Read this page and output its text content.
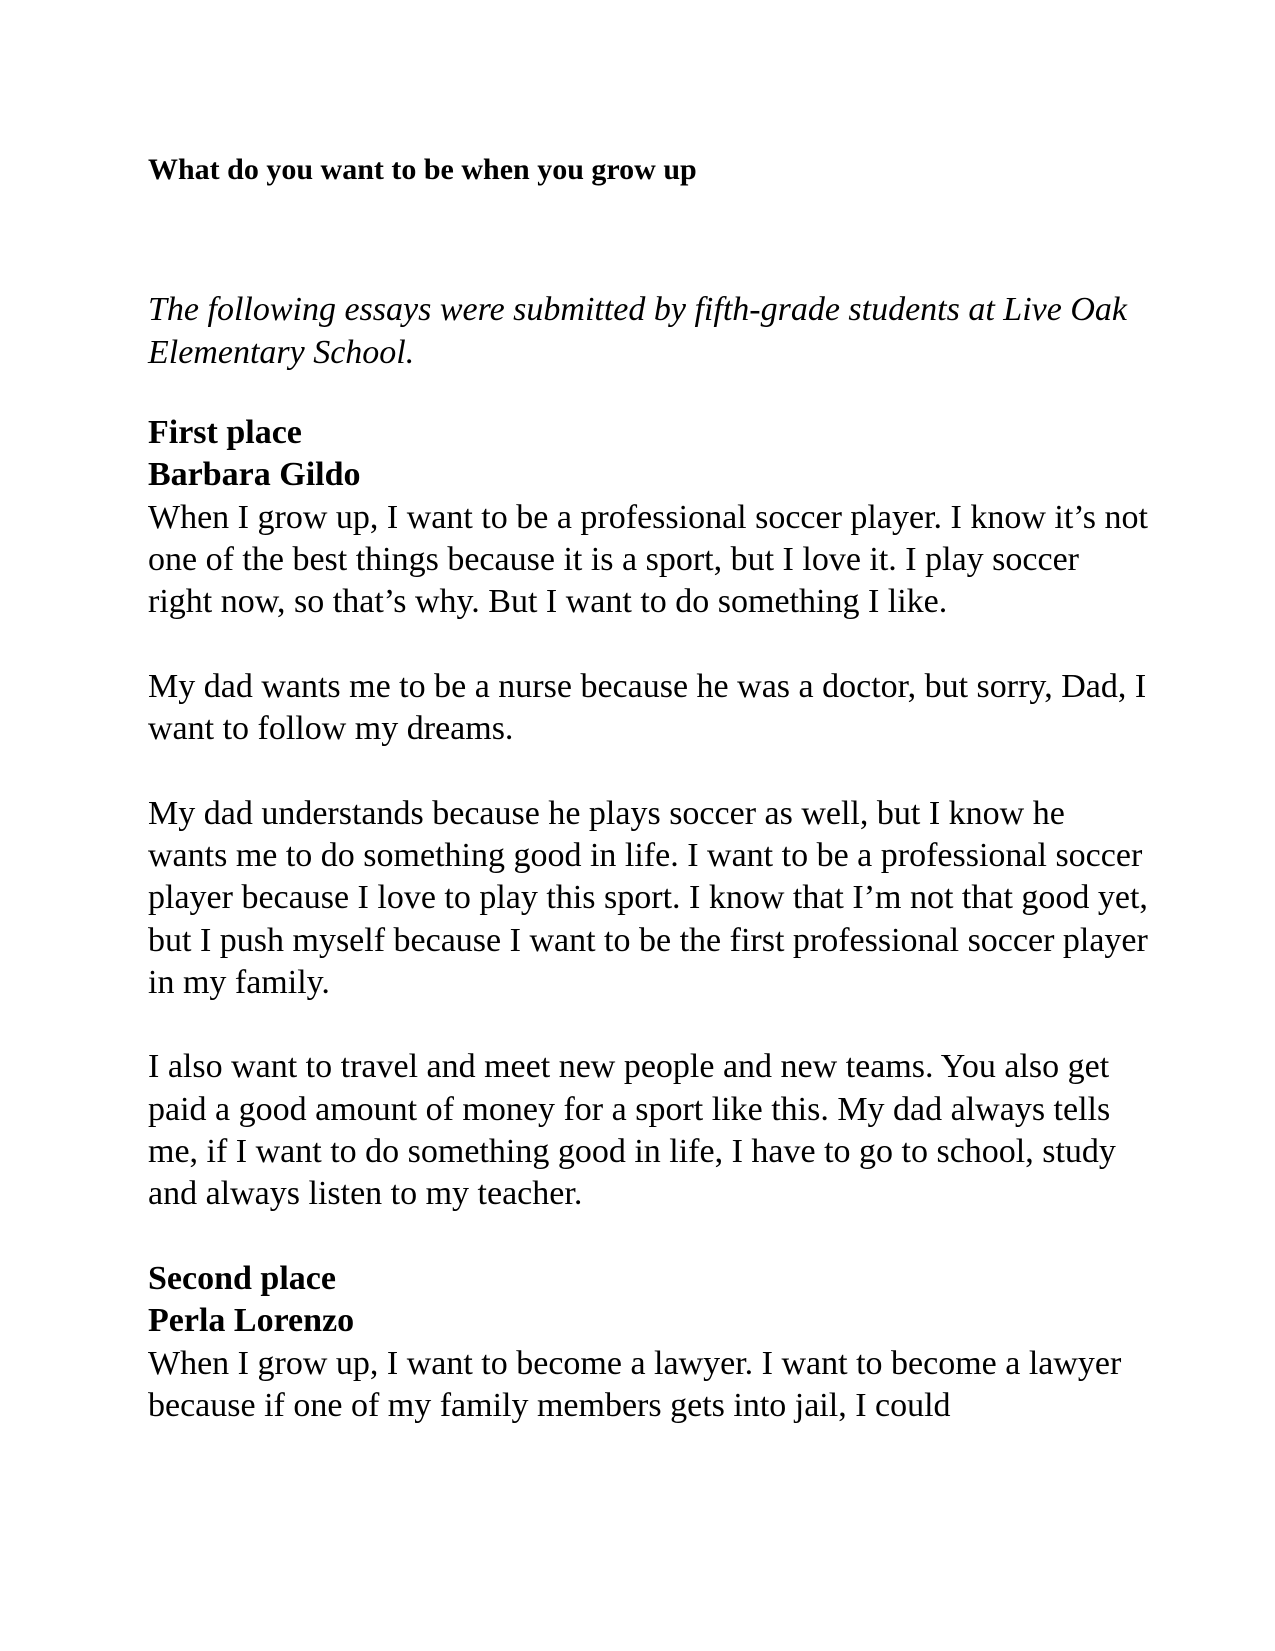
What do you want to be when you grow up

The following essays were submitted by fifth-grade students at Live Oak Elementary School.

First place

Barbara Gildo

When I grow up, I want to be a professional soccer player. I know it’s not one of the best things because it is a sport, but I love it. I play soccer right now, so that’s why. But I want to do something I like.

My dad wants me to be a nurse because he was a doctor, but sorry, Dad, I want to follow my dreams.

My dad understands because he plays soccer as well, but I know he wants me to do something good in life. I want to be a professional soccer player because I love to play this sport. I know that I’m not that good yet, but I push myself because I want to be the first professional soccer player in my family.

I also want to travel and meet new people and new teams. You also get paid a good amount of money for a sport like this. My dad always tells me, if I want to do something good in life, I have to go to school, study and always listen to my teacher.

Second place

Perla Lorenzo

When I grow up, I want to become a lawyer. I want to become a lawyer because if one of my family members gets into jail, I could
